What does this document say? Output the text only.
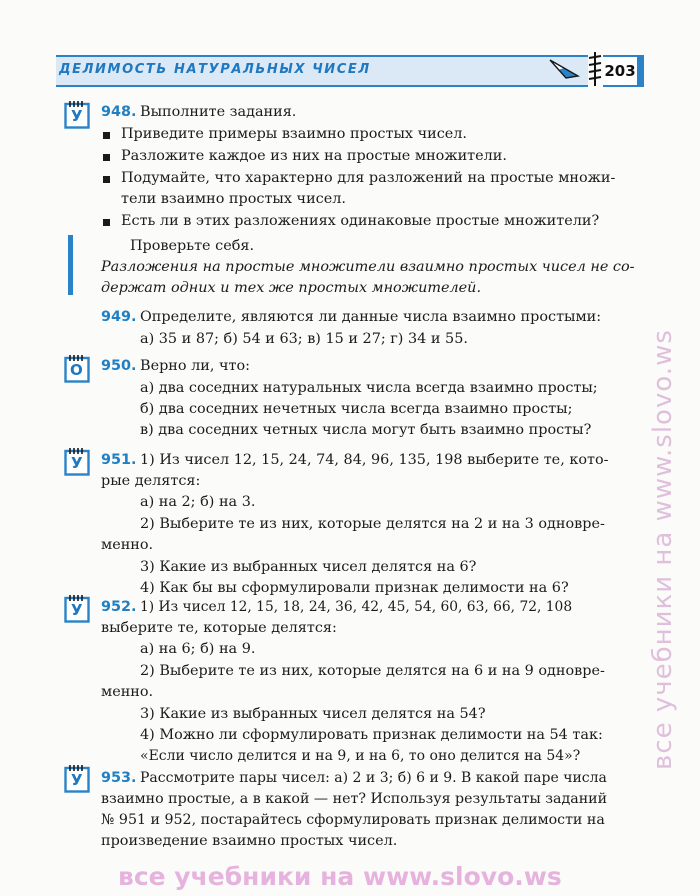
ДЕЛИМОСТЬ НАТУРАЛЬНЫХ ЧИСЕЛ	203
У 948. Выполните задания.
Приведите примеры взаимно простых чисел.
Разложите каждое из них на простые множители.
Подумайте, что характерно для разложений на простые множи-
тели взаимно простых чисел.
Есть ли в этих разложениях одинаковые простые множители?
Проверьте себя.
Разложения на простые множители взаимно простых чисел не со-
держат одних и тех же простых множителей.
949. Определите, являются ли данные числа взаимно простыми:
а) 35 и 87; б) 54 и 63; в) 15 и 27; г) 34 и 55.
О 950. Верно ли, что:
а) два соседних натуральных числа всегда взаимно просты;
б) два соседних нечетных числа всегда взаимно просты;
в) два соседних четных числа могут быть взаимно просты?
У 951. 1) Из чисел 12, 15, 24, 74, 84, 96, 135, 198 выберите те, кото-
рые делятся:
а) на 2; б) на 3.
2) Выберите те из них, которые делятся на 2 и на 3 одновре-
менно.
3) Какие из выбранных чисел делятся на 6?
4) Как бы вы сформулировали признак делимости на 6?
У 952. 1) Из чисел 12, 15, 18, 24, 36, 42, 45, 54, 60, 63, 66, 72, 108
выберите те, которые делятся:
а) на 6; б) на 9.
2) Выберите те из них, которые делятся на 6 и на 9 одновре-
менно.
3) Какие из выбранных чисел делятся на 54?
4) Можно ли сформулировать признак делимости на 54 так:
«Если число делится и на 9, и на 6, то оно делится на 54»?
У 953. Рассмотрите пары чисел: а) 2 и 3; б) 6 и 9. В какой паре числа
взаимно простые, а в какой — нет? Используя результаты заданий
№ 951 и 952, постарайтесь сформулировать признак делимости на
произведение взаимно простых чисел.
все учебники на www.slovo.ws
все учебники на www.slovo.ws
